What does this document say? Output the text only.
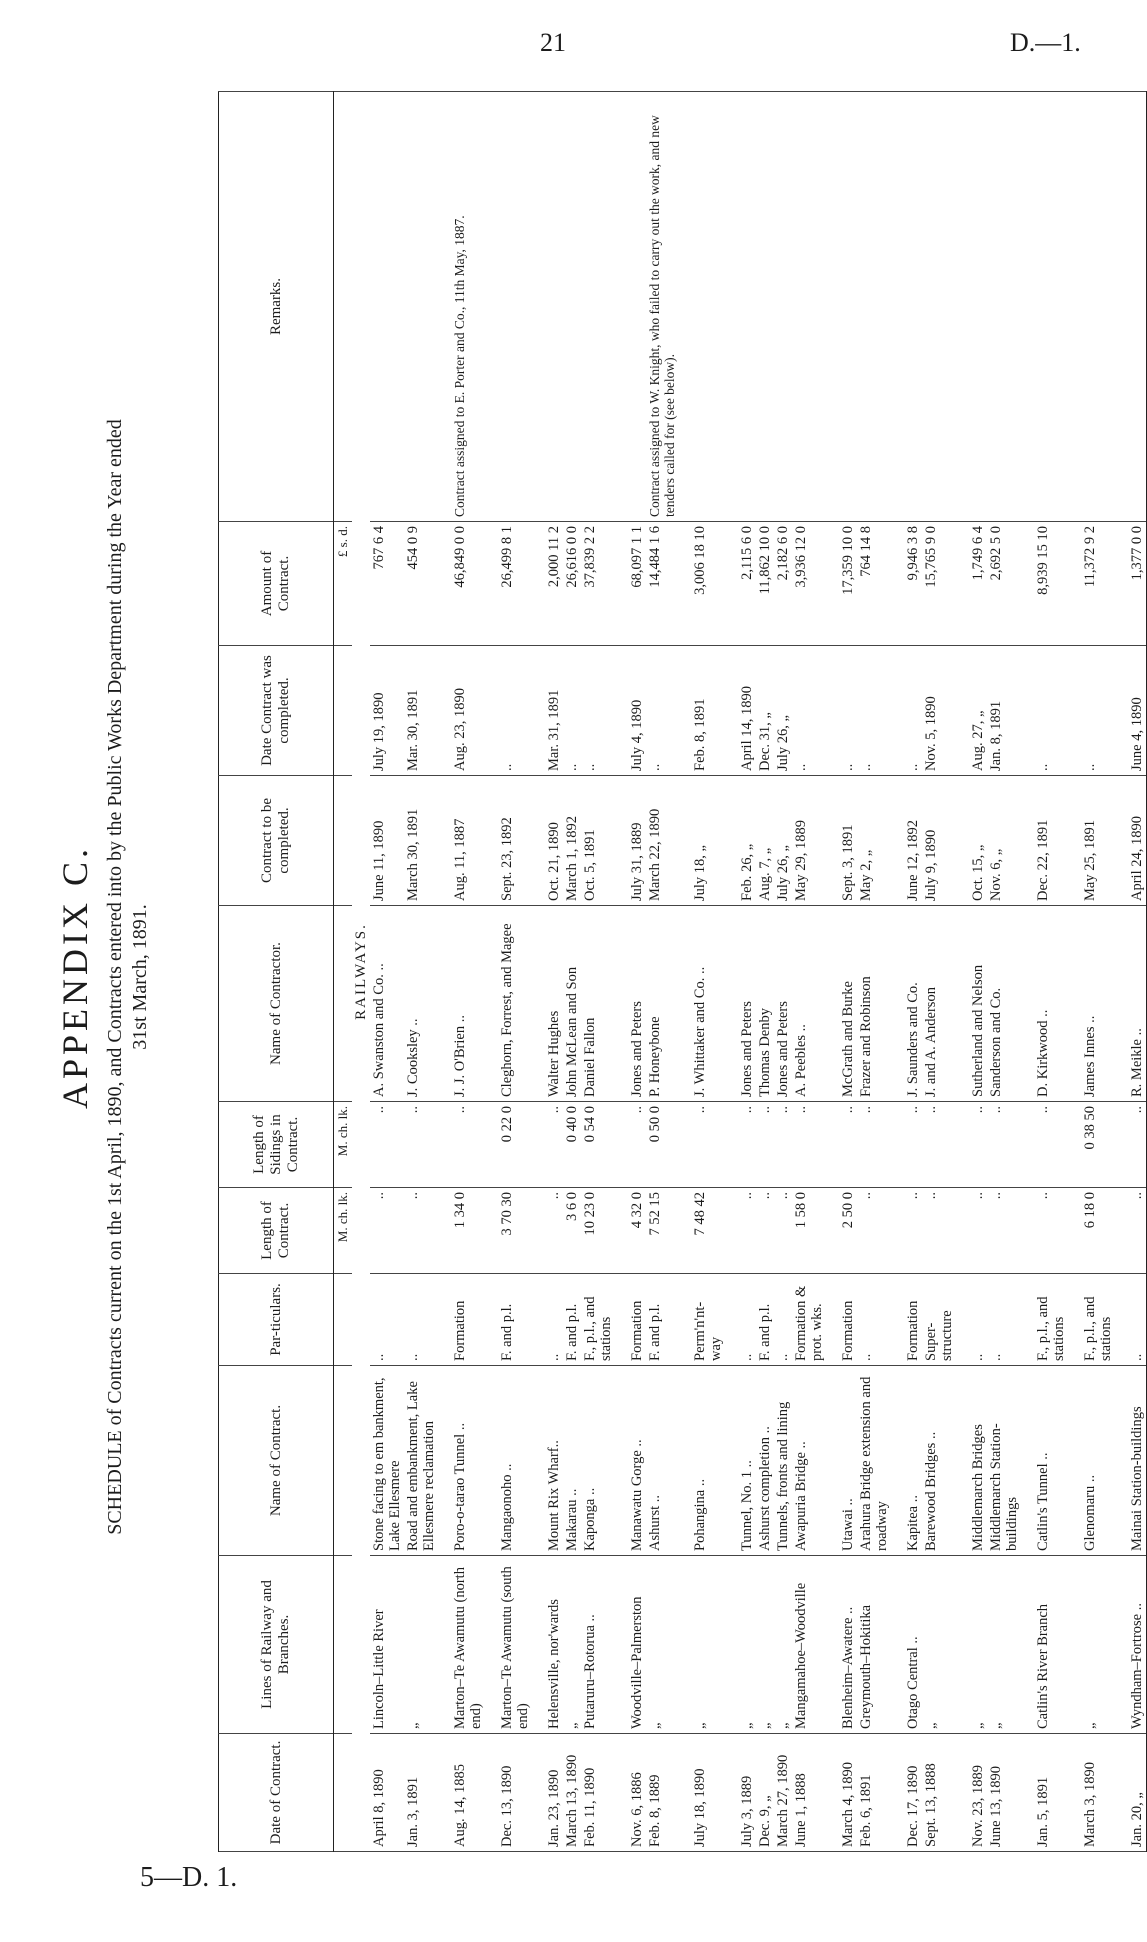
21	D.—1.
5—D. 1.
APPENDIX C. SCHEDULE of Contracts current on the 1st April, 1890, and Contracts entered into by the Public Works Department during the Year ended 31st March, 1891.
Date of Contract.	Lines of Railway and Branches.	Name of Contract.	Par-ticulars.	Length of Contract.	Length of Sidings in Contract.	Name of Contractor.	Contract to be completed.	Date Contract was completed.	Amount of Contract.	Remarks.
				M. ch. lk.	M. ch. lk.				£ s. d.	
RAILWAYS.										
April 8, 1890	Lincoln–Little River	Stone facing to em bankment, Lake Ellesmere	..	..	..	A. Swanston and Co. ..	June 11, 1890	July 19, 1890	767 6 4	
Jan. 3, 1891	„	Road and embankment, Lake Ellesmere reclamation	..	..	..	J. Cooksley ..	March 30, 1891	Mar. 30, 1891	454 0 9	
Aug. 14, 1885	Marton–Te Awamutu (north end)	Poro-o-tarao Tunnel ..	Formation	1 34 0	..	J. J. O'Brien ..	Aug. 11, 1887	Aug. 23, 1890	46,849 0 0	Contract assigned to E. Porter and Co., 11th May, 1887.
Dec. 13, 1890	Marton–Te Awamutu (south end)	Mangaonoho ..	F. and p.l.	3 70 30	0 22 0	Cleghorn, Forrest, and Magee	Sept. 23, 1892	..	26,499 8 1	
Jan. 23, 1890	Helensville, nor'wards	Mount Rix Wharf..	..	..	..	Walter Hughes	Oct. 21, 1890	Mar. 31, 1891	2,000 11 2	
March 13, 1890	„	Makarau ..	F. and p.l.	3 6 0	0 40 0	John McLean and Son	March 1, 1892	..	26,616 0 0	
Feb. 11, 1890	Putaruru–Rotorua ..	Kaponga ..	F., p.l., and stations	10 23 0	0 54 0	Daniel Fallon	Oct. 5, 1891	..	37,839 2 2	
Nov. 6, 1886	Woodville–Palmerston	Manawatu Gorge ..	Formation	4 32 0	..	Jones and Peters	July 31, 1889	July 4, 1890	68,097 1 1	
Feb. 8, 1889	„	Ashurst ..	F. and p.l.	7 52 15	0 50 0	P. Honeybone	March 22, 1890	..	14,484 1 6	Contract assigned to W. Knight, who failed to carry out the work, and new tenders called for (see below).
July 18, 1890	„	Pohangina ..	Perm'n'nt-way	7 48 42	..	J. Whittaker and Co. ..	July 18, „	Feb. 8, 1891	3,006 18 10	
July 3, 1889	„	Tunnel, No. 1 ..	..	..	..	Jones and Peters	Feb. 26, „	April 14, 1890	2,115 6 0	
Dec. 9, „	„	Ashurst completion ..	F. and p.l.	..	..	Thomas Denby	Aug. 7, „	Dec. 31, „	11,862 10 0	
March 27, 1890	„	Tunnels, fronts and lining	..	..	..	Jones and Peters	July 26, „	July 26, „	2,182 6 0	
June 1, 1888	Mangamahoe–Woodville	Awapuria Bridge ..	Formation & prot. wks.	1 58 0	..	A. Peebles ..	May 29, 1889	..	3,936 12 0	
March 4, 1890	Blenheim–Awatere ..	Utawai ..	Formation	2 50 0	..	McGrath and Burke	Sept. 3, 1891	..	17,359 10 0	
Feb. 6, 1891	Greymouth–Hokitika	Arahura Bridge extension and roadway	..	..	..	Frazer and Robinson	May 2, „	..	764 14 8	
Dec. 17, 1890	Otago Central ..	Kapitea ..	Formation	..	..	J. Saunders and Co.	June 12, 1892	..	9,946 3 8	
Sept. 13, 1888	„	Barewood Bridges ..	Super-structure	..	..	J. and A. Anderson	July 9, 1890	Nov. 5, 1890	15,765 9 0	
Nov. 23, 1889	„	Middlemarch Bridges	..	..	..	Sutherland and Nelson	Oct. 15, „	Aug. 27, „	1,749 6 4	
June 13, 1890	„	Middlemarch Station-buildings	..	..	..	Sanderson and Co.	Nov. 6, „	Jan. 8, 1891	2,692 5 0	
Jan. 5, 1891	Catlin's River Branch	Catlin's Tunnel ..	F., p.l., and stations	..	..	D. Kirkwood ..	Dec. 22, 1891	..	8,939 15 10	
March 3, 1890	„	Glenomaru ..	F., p.l., and stations	6 18 0	0 38 50	James Innes ..	May 25, 1891	..	11,372 9 2	
Jan. 20, „	Wyndham–Fortrose ..	Mainai Station-buildings	..	..	..	R. Meikle ..	April 24, 1890	June 4, 1890	1,377 0 0	
